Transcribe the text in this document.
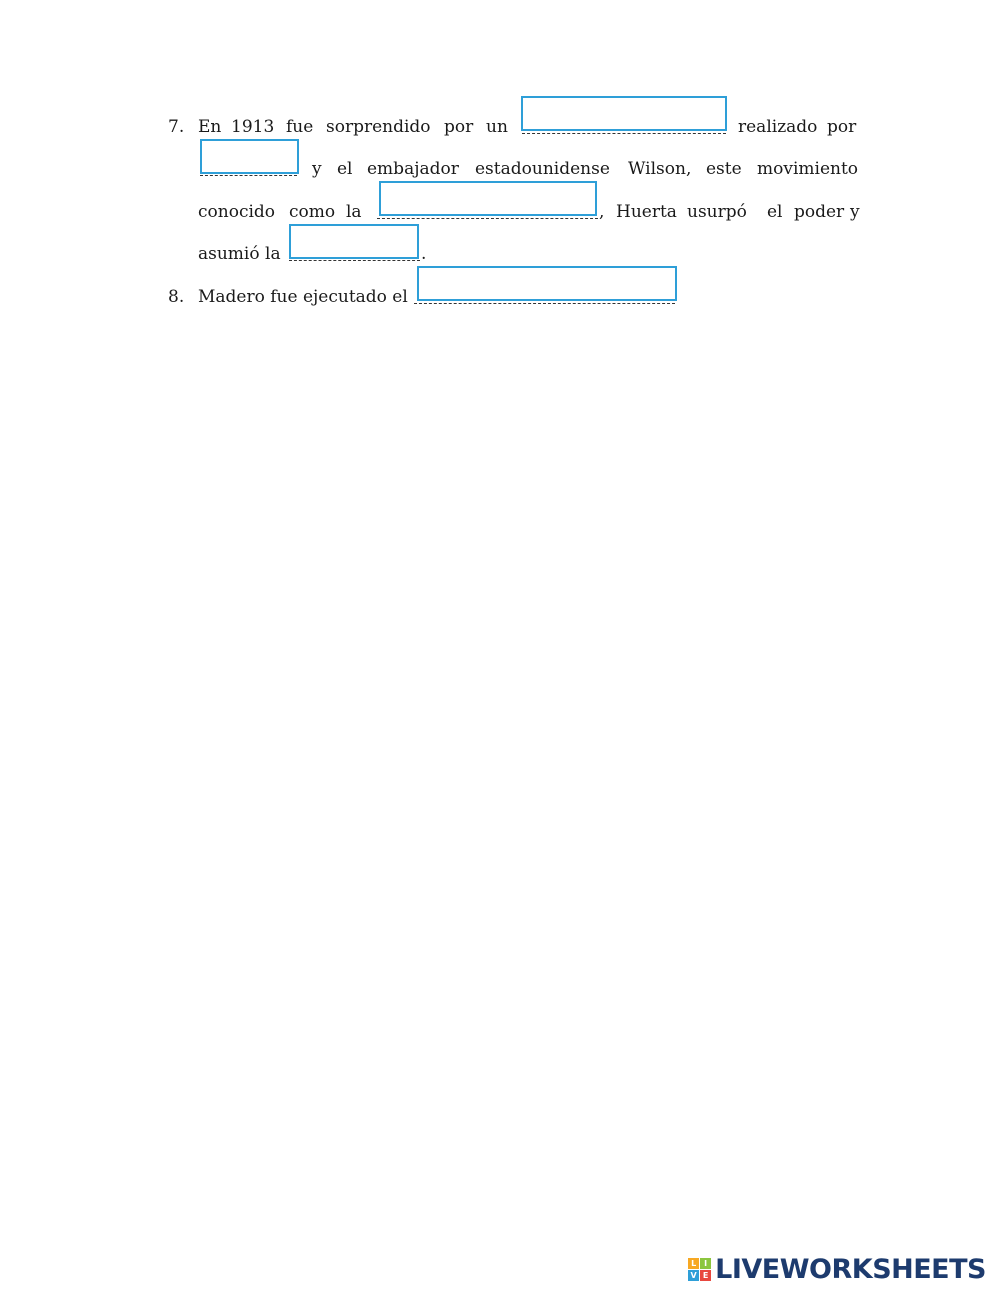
7. En 1913 fue sorprendido por un	realizado por
y el embajador estadounidense Wilson, este movimiento
conocido como la	, Huerta usurpó el poder y
asumió la	.
8. Madero fue ejecutado el
L I
V E LIVEWORKSHEETS
